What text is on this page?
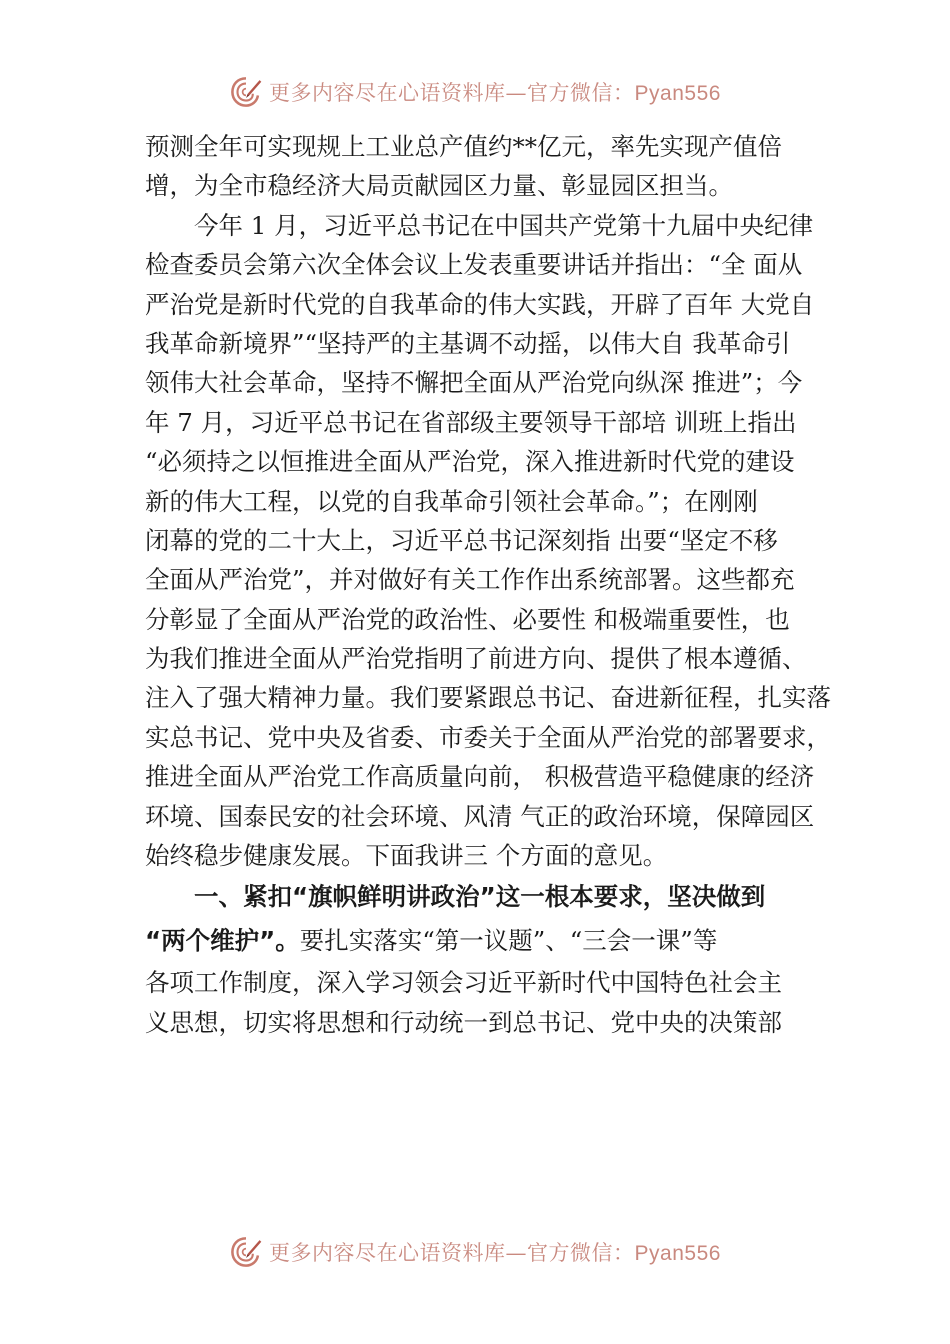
更多内容尽在心语资料库—官方微信：Pyan556
预测全年可实现规上工业总产值约**亿元，率先实现产值倍
增，为全市稳经济大局贡献园区力量、彰显园区担当。
今年 1 月，习近平总书记在中国共产党第十九届中央纪律
检查委员会第六次全体会议上发表重要讲话并指出：“全 面从
严治党是新时代党的自我革命的伟大实践，开辟了百年 大党自
我革命新境界”“坚持严的主基调不动摇，以伟大自 我革命引
领伟大社会革命，坚持不懈把全面从严治党向纵深 推进”；今
年 7 月，习近平总书记在省部级主要领导干部培 训班上指出
“必须持之以恒推进全面从严治党，深入推进新时代党的建设
新的伟大工程，以党的自我革命引领社会革命。”；在刚刚
闭幕的党的二十大上，习近平总书记深刻指 出要“坚定不移
全面从严治党”，并对做好有关工作作出系统部署。这些都充
分彰显了全面从严治党的政治性、必要性 和极端重要性，也
为我们推进全面从严治党指明了前进方向、提供了根本遵循、
注入了强大精神力量。我们要紧跟总书记、奋进新征程，扎实落
实总书记、党中央及省委、市委关于全面从严治党的部署要求，
推进全面从严治党工作高质量向前， 积极营造平稳健康的经济
环境、国泰民安的社会环境、风清 气正的政治环境，保障园区
始终稳步健康发展。下面我讲三 个方面的意见。
一、紧扣“旗帜鲜明讲政治”这一根本要求，坚决做到
“两个维护”。要扎实落实“第一议题”、“三会一课”等
各项工作制度，深入学习领会习近平新时代中国特色社会主
义思想，切实将思想和行动统一到总书记、党中央的决策部
更多内容尽在心语资料库—官方微信：Pyan556
